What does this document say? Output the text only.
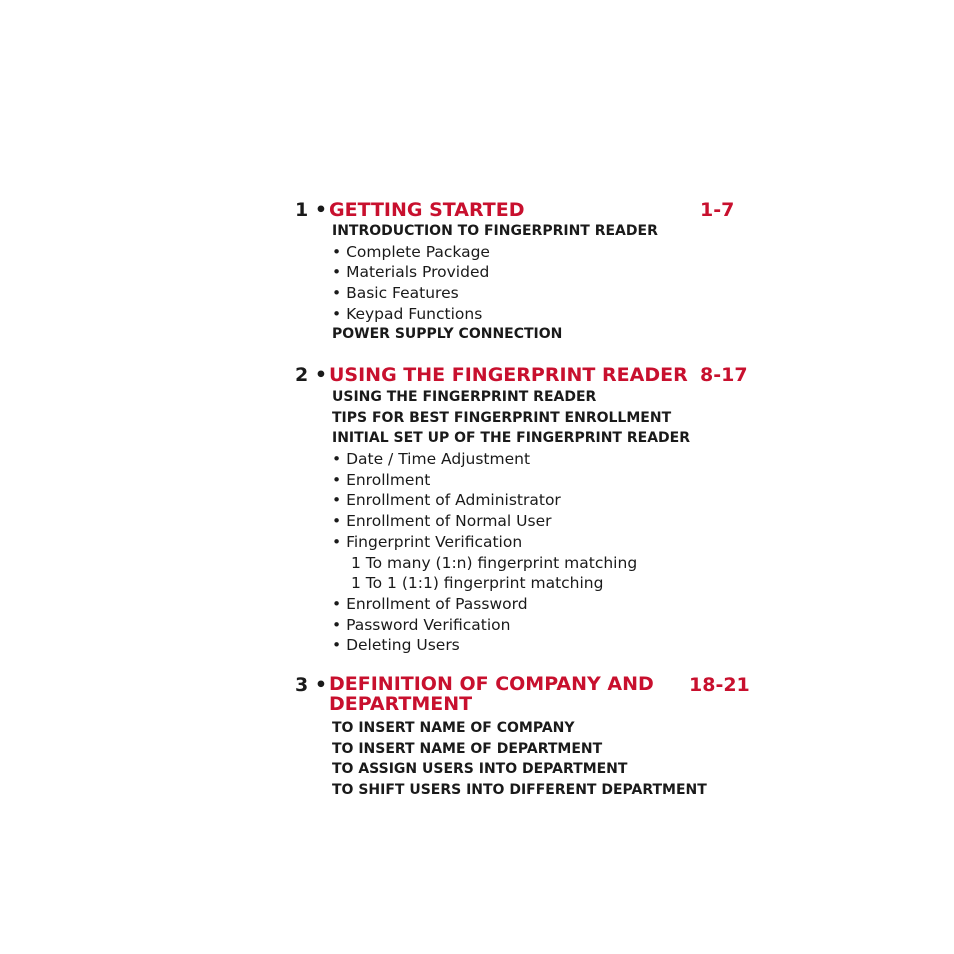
1 • GETTING STARTED	1-7
INTRODUCTION TO FINGERPRINT READER
• Complete Package
• Materials Provided
• Basic Features
• Keypad Functions
POWER SUPPLY CONNECTION
2 • USING THE FINGERPRINT READER 8-17
USING THE FINGERPRINT READER
TIPS FOR BEST FINGERPRINT ENROLLMENT
INITIAL SET UP OF THE FINGERPRINT READER
• Date / Time Adjustment
• Enrollment
• Enrollment of Administrator
• Enrollment of Normal User
• Fingerprint Verification
1 To many (1:n) fingerprint matching
1 To 1 (1:1) fingerprint matching
• Enrollment of Password
• Password Verification
• Deleting Users
3 • DEFINITION OF COMPANY AND DEPARTMENT
18-21
TO INSERT NAME OF COMPANY
TO INSERT NAME OF DEPARTMENT
TO ASSIGN USERS INTO DEPARTMENT
TO SHIFT USERS INTO DIFFERENT DEPARTMENT
